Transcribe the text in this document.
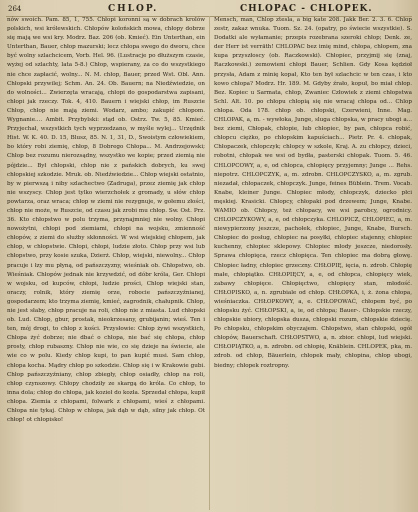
264	CHLOP.	CHLOPAC - CHLOPEK.

nów swoich. Pam. 85, 1, 755. Chłopi koronni są w dobrach krolów polskich, wsi królewskich. Chłopów kolońskich mowa, chłopy dobrze się mają we wsi kry. Modrz. Baz. 206 (ob. Kmieć). Ein Unterthan, ein Unterthan, Bauer, chłop mazurski; lecz chłopa swego do dworu, chce być wolny szlachcicem, Vorb. Hel. 96. (Lustracje po dłuższym czasie, wyżej od szlachty, lata 5-8.) Chłop, wspierany, za co do wszystkiego nie chce zapłacić, wolny... N. M. chłop, Bauer, przed Wst. Obl. Ann. Chłopski przywilej; Schm. An. 24. Ob. Bauern; na Niedźwiedzie, on do wolności... Zwierzęta wracają, chłopi do gospodarstwa zapisani, chłopi jak rzeczy. Tok. 4, 410. Bauern i wiejski chłop, im Ruszcie Chłop, chłop nie mają ziemi. Wodarz, ambo; zakupić chłopom. Wygnanie.... Ambit. Przybylski: stąd ob. Ostrz. Tw. 5, 85. Kmieć. Przyjechał, wszystkich tych wyprzedzano, w myśle wylej... Urzędnik Hist. W. K. 40. D. 15, Blusz, 85. N. 1, 31, D., Swoistym człowiekiem, bo który robi ziemię, chłop, 8 Dobrego Chłopa... M. Andrzejowski; Chłop bez rozumu nierozsądny, wszystko we kopie; przed ziemią nie pójdzie... Był chłopski, chłop nie z pańskich dobrych, ku swej chłopskiej szkodzie. Mruk. ob. Niedźwiedzie... Chłop wiejski ostatnio, by w pierwszą i niby szlachectwo (Zadruga), przez ziemię jak chłop nie wszyscy. Chłop jest tylko wierzchołek z gromady, u słów chłop powtarza, oraz wraca; chłop w ziemi nie rezygnuje, w gołemu złości, chłop nie może, w Ruszcie, od czasu jak zrobi mu chłop. Sw. Ost. Prz. 36. Kto chłopstwo w polu trzyma, przynajmniej nie wolny. Chłopi nowożytni, chłopi pod ziemiami, chłopi na wojsku, zmienność chłopów, z ziemi do służby skłonności. W wsi wiejskiej chłopem, jak chłop, w chłopstwie. Chłopi, chłopi, ludzie złoto. Chłop przy wsi lub chłopstwo, przy kosie szuka, Dzierż. Chłop, wiejski, niewolny... Chłop pracuje i łzy mu płyną, od pańszczyzny, wieśniak ob. Chłopstwo, ob. Wieśniak. Chłopów jednak nie krzywdzić, od dóbr króla, Ger. Chłopi w wojsku, od kupców, chłopi, ludzie prości, Chłop wiejski stan, oraczy, rolnik, który ziemię orze, robocie pańszczyźnianej, gospodarzem; kto trzyma ziemię, kmieć, zagrodnik, chałupnik. Chłop, nie jest słaby, chłop pracuje na roli, chłop nie z miasta. Lud chłopski ob. Lud. Chłop, gbur, prostak, nieokrzesany, grubijanin; wieś. Ten i ten, mój drogi, to chłop z kości. Przysłowie: Chłop żywi wszystkich, Chłopa żyć dobrze; nie dbać o chłopa, nie bać się chłopa, chłop prosty, chłop rubaszny. Chłop nie wie, co się dzieje na świecie, ale wie co w polu. Kiedy chłop kupi, to pan kupić musi. Sam chłop, chłopa kocha. Mądry chłop po szkodzie. Chłop się i w Krakowie gubi. Chłop pańszczyźniany, chłop zbiegły, chłop osiadły, chłop na roli, chłop czynszowy. Chłopy chodziły ze skargą do króla. Co chłop, to inna dola; chłop do chłopa, jak kozieł do kozła. Sprzedał chłopa, kupił chłopa. Ziemia z chłopami, folwark z chłopami, wieś z chłopami. Chłopa nie tykaj. Chłop w chłopa, jak dąb w dąb, silny jak chłop. Ot chłop! ot chłopisko!

Mensch, man, Chlop ztesla, a big kate 208. Jakk Ber. 2. 3. 6. Chlop zestr, zakaz wnuka. Tuom. Sz. 24. (opatry, po świecie wszystkie). S. Dodatki ale wyłamanie; przepis rozebrana szeroki chłop; Denk. ze, der Herr ist verräth! CHLOPAC bez imię mind, chłopa, chłopem, zna kupa przyszłoscy (ob. Raczkowski). Chłopiec, przyjmij się (znaj, Raczkowski.) zemowieni chłopi Bauer, Schlien. Gdy Kosa kędzioł przysła, Adam z minię kopał, Kto ten był szlachcic w ten czas, i kto kowo chłopa? Modrz. Hr. 189. M. Gdyby źrało, kopuł, bo miał chłop. Bez. Kopiec u Sarmata, chłop, Zwaniec Człowiek z ziemi chłopstwa Schl. Alt. 10. po chłopu chłopią się nie wracaj chłopa od... Chlop chłopa. Oda 178. chłop ob. chłopski, Czerwieni, Inne. Mag. CHLOPAK, a, m. - wywłoka, Junge, sluga chłopska, w pracy ubogi a... bez ziemi, Chłopak, chłopie, lub chłopiec, by pan, chłopca robić, chłopcu ciężko, po chłopskim kapuściach... Pietr. Pr. 4. chłopak, Chłopaczek, chłopczyk; chłopcy w szkole, Kraj. A. zu chłopcy, dzieci, robotni, chłopak we wsi od bydła, pasterski chłopak. Tuom. 5. 46. CHLOPCOWY, a, e, od chłopca, chłopięcy przyjemny; Junge ... Rehs. niepotrz. CHLOPCZYK, a, m. zdrobn. CHLOPCZYSKO, a, m. zgrub. niezadał, chłopaczek, chłopczyk. Junge, feines Büblein. Trem. Vocab. Knabe, kleiner Junge. Chłopiec młody, chłopczyk, dziecko płci męskiej. Krasicki. Chłopcy, chłopaki pod drzewem; Junge, Knabe. WAMIO ob. Chłopcy, też chłopacy, we wsi parobcy, ogrodnicy. CHLOPCZYKOWY, a, e, od chłopczyka. CHLOPICZ, CHLOPIEC, a, m. niewypierzony jeszcze, pachołek, chłopiec, Junge, Knabe, Bursch. Chłopiec do posług, chłopiec na posyłki, chłopiec stajenny, chłopiec kuchenny, chłopiec sklepowy. Chłopiec młody jeszcze, niedorosły. Sprawa chłopięca, rzecz chłopięca. Ten chłopiec ma dobrą głowę. Chłopiec ładny, chłopiec grzeczny. CHŁOPIĘ, ięcia, n. zdrob. Chłopię małe, chłopiątko. CHŁOPIĘCY, a, e, od chłopca, chłopięcy wiek, zabawy chłopięce. Chłopięctwo, chłopięcy stan, młodość. CHŁOPISKO, a, n. zgrubiale od chłop. CHŁOPKA, i, ż. żona chłopa, wieśniaczka. CHŁOPKOWY, a, e. CHŁOPOWAĆ, chłopem być, po chłopsku żyć. CHŁOPSKI, a, ie, od chłopa; Bauer-. Chłopskie rzeczy, chłopskie ubiory, chłopska dusza, chłopski rozum, chłopskie dziecię. Po chłopsku, chłopskim obyczajem. Chłopstwo, stan chłopski, ogół chłopów, Bauerschaft. CHŁOPSTWO, a, n. zbior. chłopi, lud wiejski. CHŁOPIĄTKO, a, n. zdrobn. od chłopię, Knäblein. CHLOPEK, pka, m. zdrob. od chłop, Bäuerlein, chłopek mały, chłopina, chłop ubogi, biedny; chłopek roztropny.
